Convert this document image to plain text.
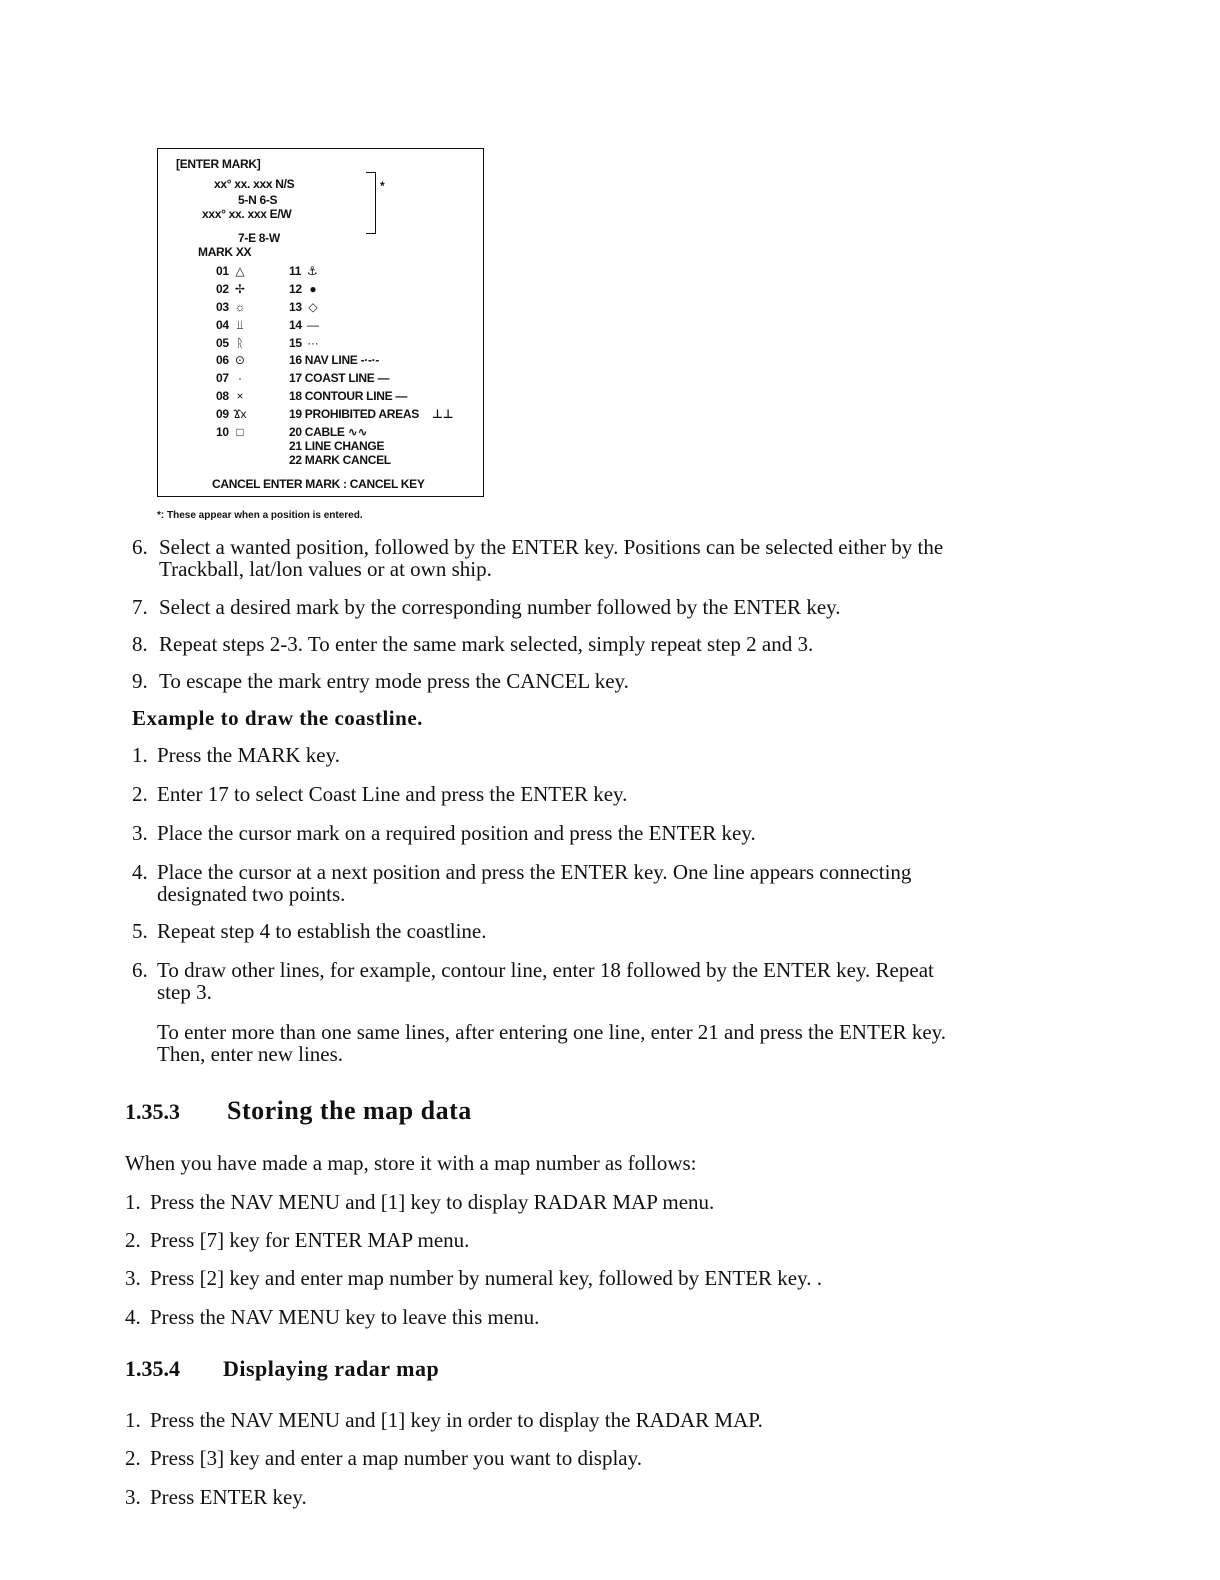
[ENTER MARK]
xx° xx. xxx N/S
5-N 6-S
xxx° xx. xxx E/W
7-E 8-W
MARK XX
*
01 △
02 ✢
03 ☼
04 ⫫
05 ᚱ
06 ⊙
07 ·
08 ×
09 Ϫx
10 □
11 ⚓
12 ●
13 ◇
14 —
15 ···
16 NAV LINE -·-·-
17 COAST LINE —
18 CONTOUR LINE —
19 PROHIBITED AREAS ⊥⊥
20 CABLE ∿∿
21 LINE CHANGE
22 MARK CANCEL
CANCEL ENTER MARK : CANCEL KEY
*: These appear when a position is entered.
6. Select a wanted position, followed by the ENTER key. Positions can be selected either by the
Trackball, lat/lon values or at own ship.
7. Select a desired mark by the corresponding number followed by the ENTER key.
8. Repeat steps 2-3. To enter the same mark selected, simply repeat step 2 and 3.
9. To escape the mark entry mode press the CANCEL key.
Example to draw the coastline.
1. Press the MARK key.
2. Enter 17 to select Coast Line and press the ENTER key.
3. Place the cursor mark on a required position and press the ENTER key.
4. Place the cursor at a next position and press the ENTER key. One line appears connecting
designated two points.
5. Repeat step 4 to establish the coastline.
6. To draw other lines, for example, contour line, enter 18 followed by the ENTER key. Repeat
step 3.
To enter more than one same lines, after entering one line, enter 21 and press the ENTER key.
Then, enter new lines.
1.35.3 Storing the map data
When you have made a map, store it with a map number as follows:
1. Press the NAV MENU and [1] key to display RADAR MAP menu.
2. Press [7] key for ENTER MAP menu.
3. Press [2] key and enter map number by numeral key, followed by ENTER key. .
4. Press the NAV MENU key to leave this menu.
1.35.4 Displaying radar map
1. Press the NAV MENU and [1] key in order to display the RADAR MAP.
2. Press [3] key and enter a map number you want to display.
3. Press ENTER key.
